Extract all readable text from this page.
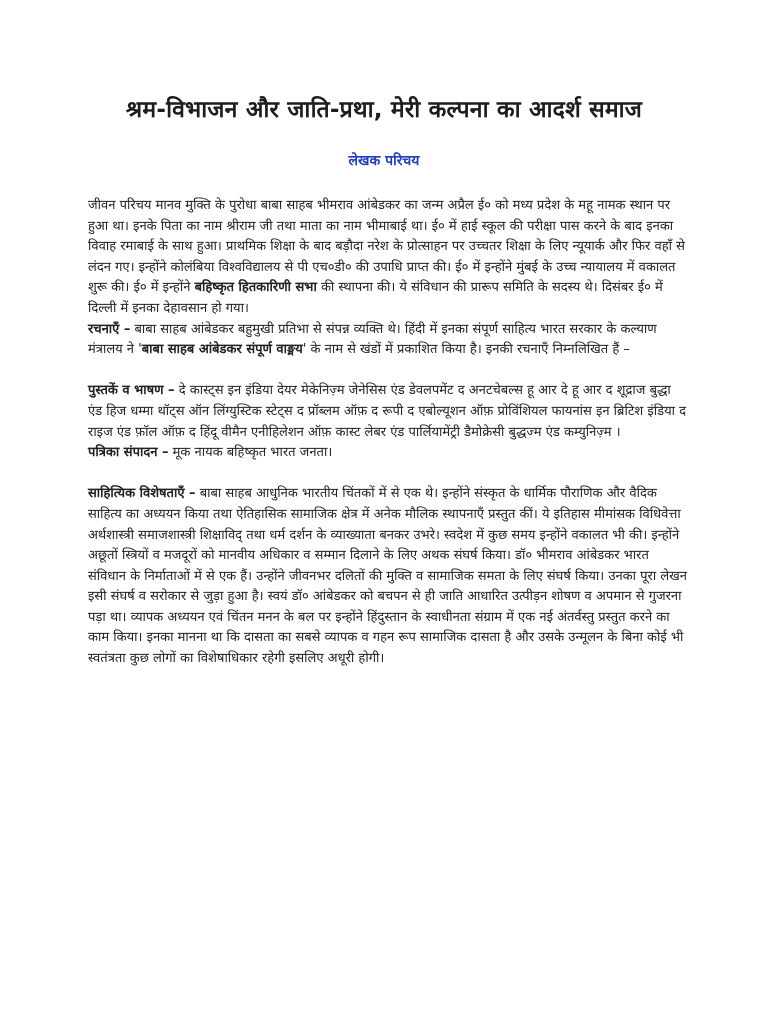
श्रम-विभाजन और जाति-प्रथा, मेरी कल्पना का आदर्श समाज
लेखक परिचय

जीवन परिचय मानव मुक्ति के पुरोधा बाबा साहब भीमराव आंबेडकर का जन्म अप्रैल ई० को मध्य प्रदेश के महू नामक स्थान पर हुआ था। इनके पिता का नाम श्रीराम जी तथा माता का नाम भीमाबाई था। ई० में हाई स्कूल की परीक्षा पास करने के बाद इनका विवाह रमाबाई के साथ हुआ। प्राथमिक शिक्षा के बाद बड़ौदा नरेश के प्रोत्साहन पर उच्चतर शिक्षा के लिए न्यूयार्क और फिर वहाँ से लंदन गए। इन्होंने कोलंबिया विश्वविद्यालय से पी एच०डी० की उपाधि प्राप्त की। ई० में इन्होंने मुंबई के उच्च न्यायालय में वकालत शुरू की। ई० में इन्होंने बहिष्कृत हितकारिणी सभा की स्थापना की। ये संविधान की प्रारूप समिति के सदस्य थे। दिसंबर ई० में दिल्ली में इनका देहावसान हो गया।

रचनाएँ – बाबा साहब आंबेडकर बहुमुखी प्रतिभा से संपन्न व्यक्ति थे। हिंदी में इनका संपूर्ण साहित्य भारत सरकार के कल्याण मंत्रालय ने 'बाबा साहब आंबेडकर संपूर्ण वाङ्मय' के नाम से खंडों में प्रकाशित किया है। इनकी रचनाएँ निम्नलिखित हैं –

पुस्तकें व भाषण – दे कास्ट्स इन इंडिया देयर मेकेनिज़्म जेनेसिस एंड डेवलपमेंट द अनटचेबल्स हू आर दे हू आर द शूद्राज बुद्धा एंड हिज धम्मा थॉट्स ऑन लिंग्युस्टिक स्टेट्स द प्रॉब्लम ऑफ़ द रूपी द एबोल्यूशन ऑफ़ प्रोविंशियल फायनांस इन ब्रिटिश इंडिया द राइज एंड फ़ॉल ऑफ़ द हिंदू वीमैन एनीहिलेशन ऑफ़ कास्ट लेबर एंड पार्लियामेंट्री डैमोक्रेसी बुद्धज्म एंड कम्युनिज़्म ।

पत्रिका संपादन – मूक नायक बहिष्कृत भारत जनता।

साहित्यिक विशेषताएँ – बाबा साहब आधुनिक भारतीय चिंतकों में से एक थे। इन्होंने संस्कृत के धार्मिक पौराणिक और वैदिक साहित्य का अध्ययन किया तथा ऐतिहासिक सामाजिक क्षेत्र में अनेक मौलिक स्थापनाएँ प्रस्तुत कीं। ये इतिहास मीमांसक विधिवेत्ता अर्थशास्त्री समाजशास्त्री शिक्षाविद् तथा धर्म दर्शन के व्याख्याता बनकर उभरे। स्वदेश में कुछ समय इन्होंने वकालत भी की। इन्होंने अछूतों स्त्रियों व मजदूरों को मानवीय अधिकार व सम्मान दिलाने के लिए अथक संघर्ष किया। डॉ० भीमराव आंबेडकर भारत संविधान के निर्माताओं में से एक हैं। उन्होंने जीवनभर दलितों की मुक्ति व सामाजिक समता के लिए संघर्ष किया। उनका पूरा लेखन इसी संघर्ष व सरोकार से जुड़ा हुआ है। स्वयं डॉ० आंबेडकर को बचपन से ही जाति आधारित उत्पीड़न शोषण व अपमान से गुजरना पड़ा था। व्यापक अध्ययन एवं चिंतन मनन के बल पर इन्होंने हिंदुस्तान के स्वाधीनता संग्राम में एक नई अंतर्वस्तु प्रस्तुत करने का काम किया। इनका मानना था कि दासता का सबसे व्यापक व गहन रूप सामाजिक दासता है और उसके उन्मूलन के बिना कोई भी स्वतंत्रता कुछ लोगों का विशेषाधिकार रहेगी इसलिए अधूरी होगी।
